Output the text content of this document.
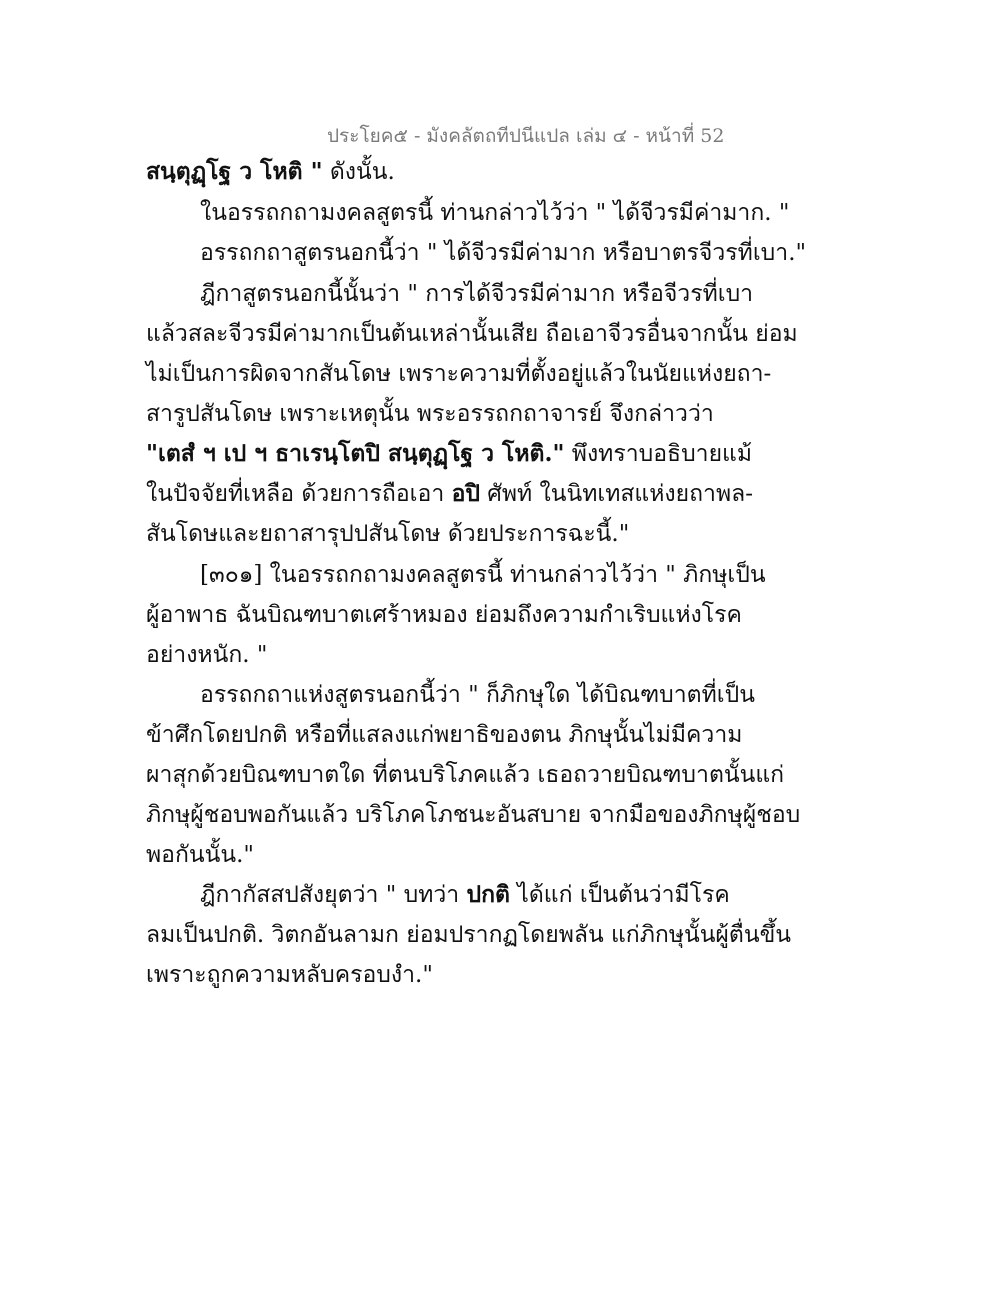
ประโยค๕ - มังคลัตถทีปนีแปล เล่ม ๔ - หน้าที่ 52
สนฺตุฏฺโฐ ว โหติ " ดังนั้น.
ในอรรถกถามงคลสูตรนี้ ท่านกล่าวไว้ว่า " ได้จีวรมีค่ามาก. "
อรรถกถาสูตรนอกนี้ว่า " ได้จีวรมีค่ามาก หรือบาตรจีวรที่เบา."
ฎีกาสูตรนอกนี้นั้นว่า " การได้จีวรมีค่ามาก หรือจีวรที่เบา
แล้วสละจีวรมีค่ามากเป็นต้นเหล่านั้นเสีย ถือเอาจีวรอื่นจากนั้น ย่อม
ไม่เป็นการผิดจากสันโดษ เพราะความที่ตั้งอยู่แล้วในนัยแห่งยถา-
สารูปสันโดษ เพราะเหตุนั้น พระอรรถกถาจารย์ จึงกล่าวว่า
"เตสํ ฯ เป ฯ ธาเรนฺโตปิ สนฺตุฏฺโฐ ว โหติ." พึงทราบอธิบายแม้
ในปัจจัยที่เหลือ ด้วยการถือเอา อปิ ศัพท์ ในนิทเทสแห่งยถาพล-
สันโดษและยถาสารุปปสันโดษ ด้วยประการฉะนี้."
[๓๐๑] ในอรรถกถามงคลสูตรนี้ ท่านกล่าวไว้ว่า " ภิกษุเป็น
ผู้อาพาธ ฉันบิณฑบาตเศร้าหมอง ย่อมถึงความกำเริบแห่งโรค
อย่างหนัก. "
อรรถกถาแห่งสูตรนอกนี้ว่า " ก็ภิกษุใด ได้บิณฑบาตที่เป็น
ข้าศึกโดยปกติ หรือที่แสลงแก่พยาธิของตน ภิกษุนั้นไม่มีความ
ผาสุกด้วยบิณฑบาตใด ที่ตนบริโภคแล้ว เธอถวายบิณฑบาตนั้นแก่
ภิกษุผู้ชอบพอกันแล้ว บริโภคโภชนะอันสบาย จากมือของภิกษุผู้ชอบ
พอกันนั้น."
ฎีกากัสสปสังยุตว่า " บทว่า ปกติ ได้แก่ เป็นต้นว่ามีโรค
ลมเป็นปกติ. วิตกอันลามก ย่อมปรากฏโดยพลัน แก่ภิกษุนั้นผู้ตื่นขึ้น
เพราะถูกความหลับครอบงำ."
